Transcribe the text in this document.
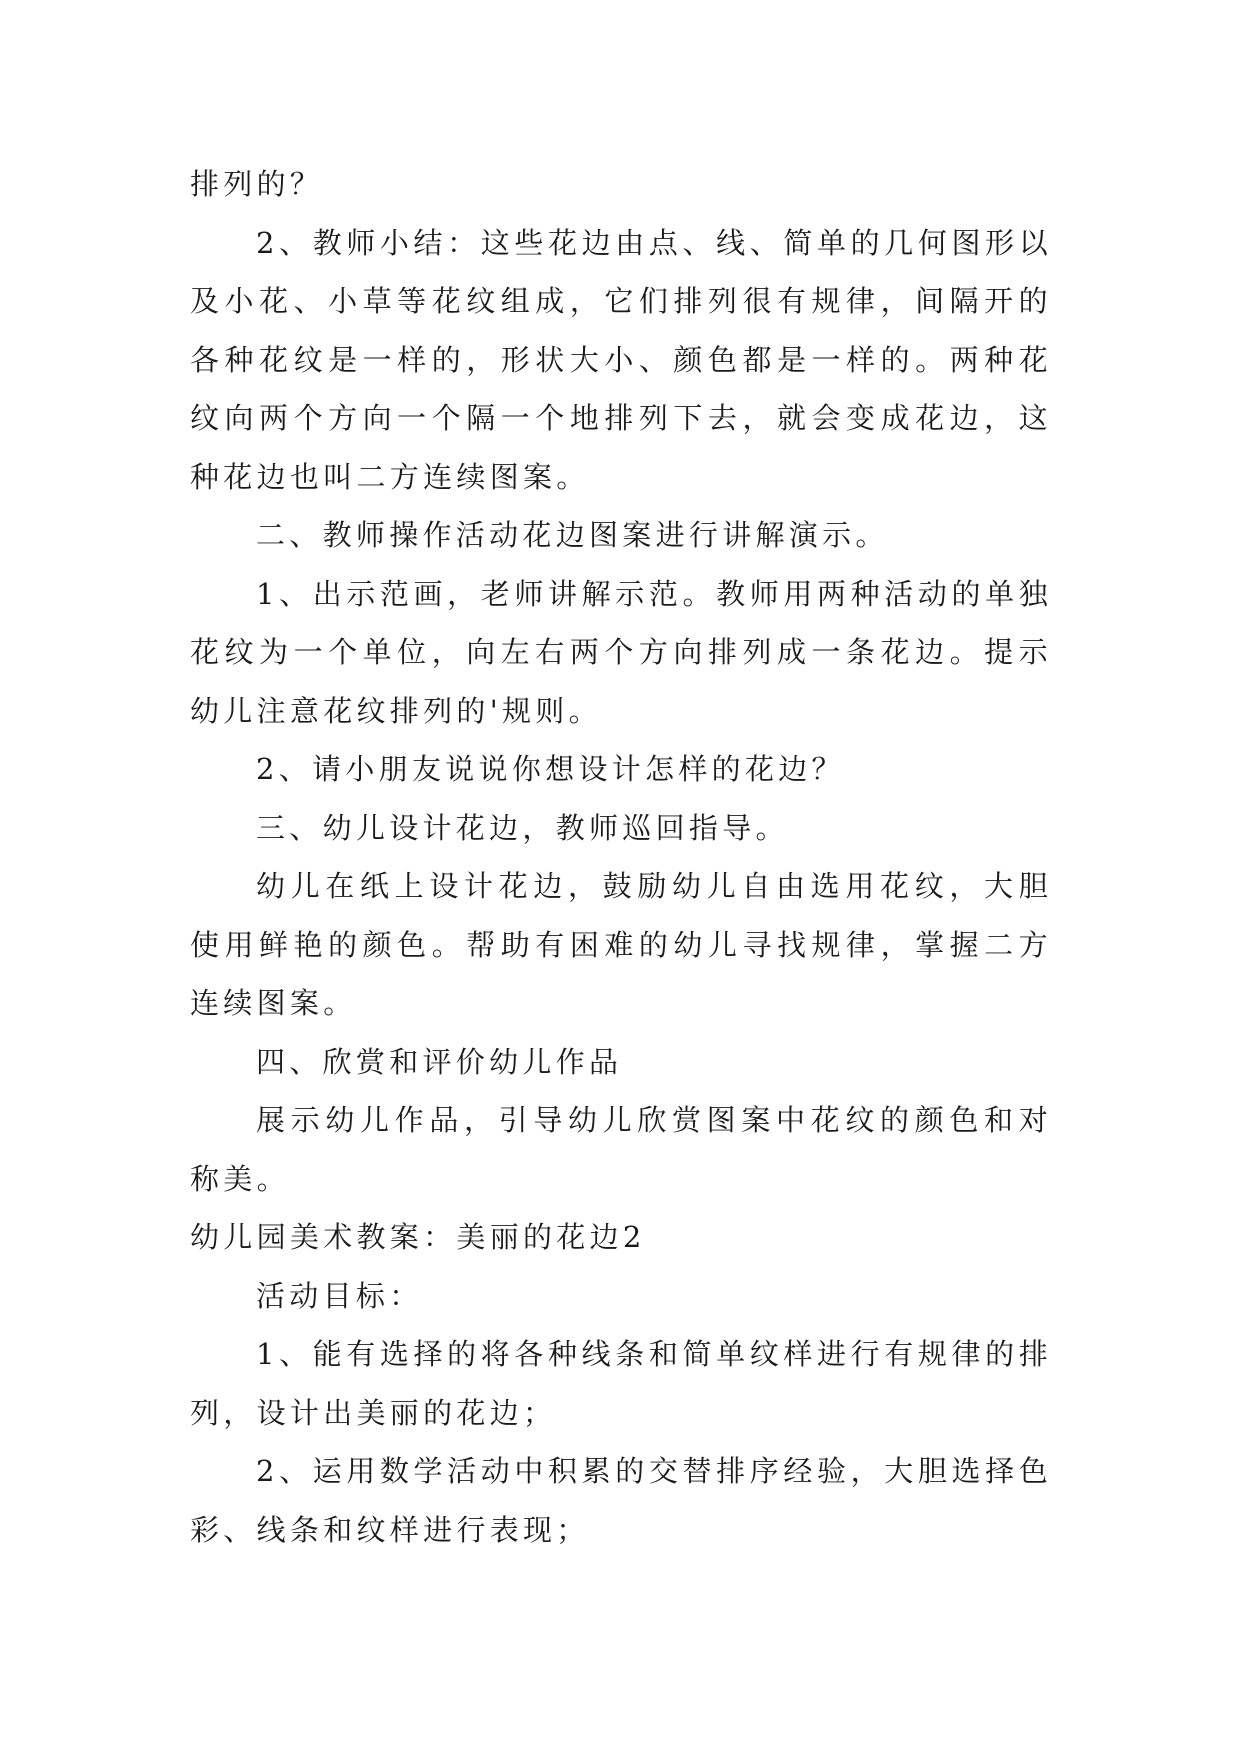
排列的？

2、教师小结：这些花边由点、线、简单的几何图形以及小花、小草等花纹组成，它们排列很有规律，间隔开的各种花纹是一样的，形状大小、颜色都是一样的。两种花纹向两个方向一个隔一个地排列下去，就会变成花边，这种花边也叫二方连续图案。

二、教师操作活动花边图案进行讲解演示。

1、出示范画，老师讲解示范。教师用两种活动的单独花纹为一个单位，向左右两个方向排列成一条花边。提示幼儿注意花纹排列的'规则。

2、请小朋友说说你想设计怎样的花边？

三、幼儿设计花边，教师巡回指导。

幼儿在纸上设计花边，鼓励幼儿自由选用花纹，大胆使用鲜艳的颜色。帮助有困难的幼儿寻找规律，掌握二方连续图案。

四、欣赏和评价幼儿作品

展示幼儿作品，引导幼儿欣赏图案中花纹的颜色和对称美。

幼儿园美术教案：美丽的花边2

活动目标：

1、能有选择的将各种线条和简单纹样进行有规律的排列，设计出美丽的花边；

2、运用数学活动中积累的交替排序经验，大胆选择色彩、线条和纹样进行表现；
